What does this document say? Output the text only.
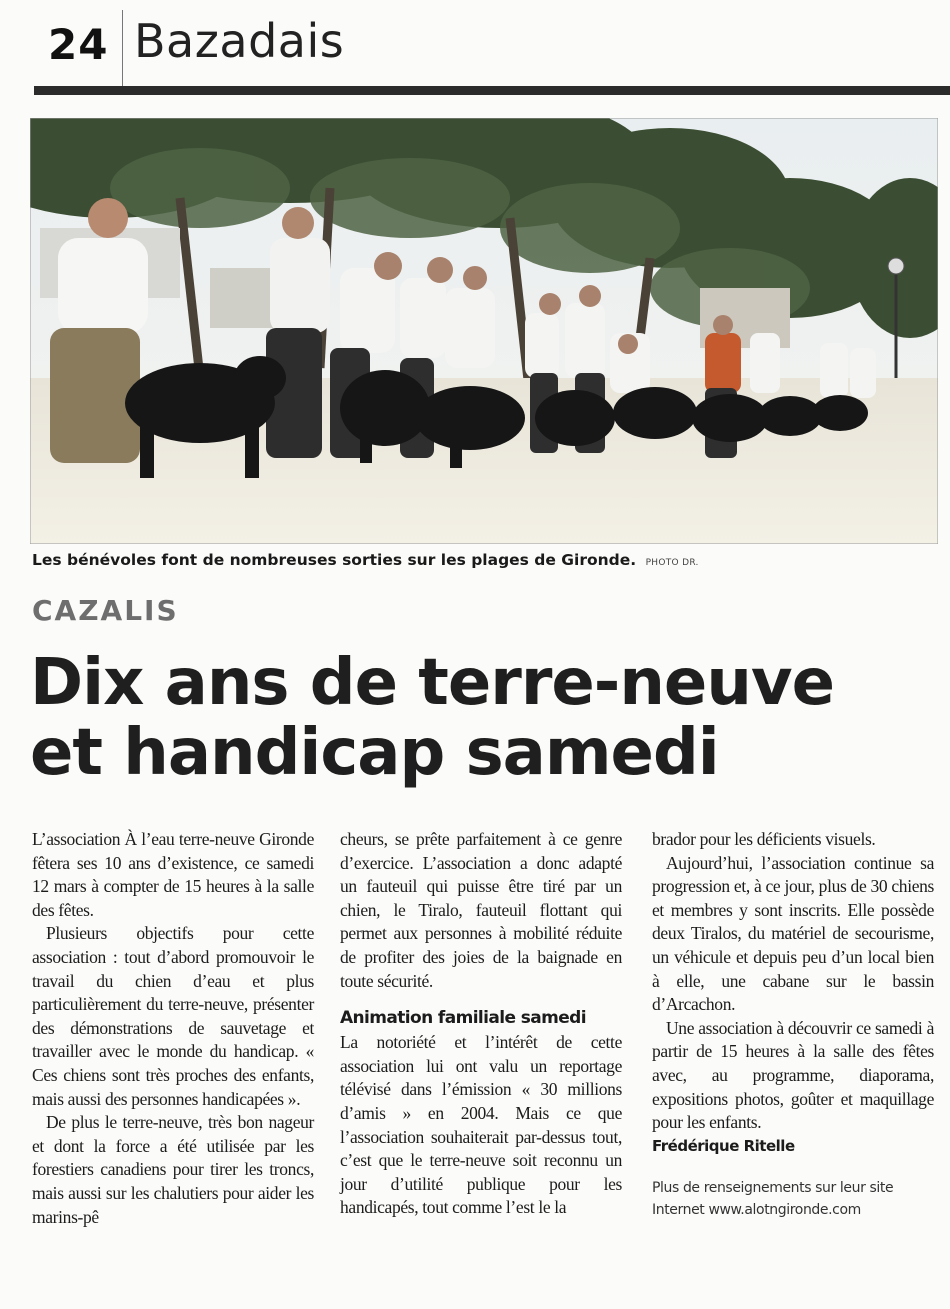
24 Bazadais
Les bénévoles font de nombreuses sorties sur les plages de Gironde. PHOTO DR.
CAZALIS
Dix ans de terre-neuve
et handicap samedi

L’association À l’eau terre-neuve Gironde fêtera ses 10 ans d’existence, ce samedi 12 mars à compter de 15 heures à la salle des fêtes.

Plusieurs objectifs pour cette association : tout d’abord promouvoir le travail du chien d’eau et plus particulièrement du terre-neuve, présenter des démonstrations de sauvetage et travailler avec le monde du handicap. « Ces chiens sont très proches des enfants, mais aussi des personnes handicapées ».

De plus le terre-neuve, très bon nageur et dont la force a été utilisée par les forestiers canadiens pour tirer les troncs, mais aussi sur les chalutiers pour aider les marins-pê

cheurs, se prête parfaitement à ce genre d’exercice. L’association a donc adapté un fauteuil qui puisse être tiré par un chien, le Tiralo, fauteuil flottant qui permet aux personnes à mobilité réduite de profiter des joies de la baignade en toute sécurité.

Animation familiale samedi

La notoriété et l’intérêt de cette association lui ont valu un reportage télévisé dans l’émission « 30 millions d’amis » en 2004. Mais ce que l’association souhaiterait par-dessus tout, c’est que le terre-neuve soit reconnu un jour d’utilité publique pour les handicapés, tout comme l’est le la

brador pour les déficients visuels.

Aujourd’hui, l’association continue sa progression et, à ce jour, plus de 30 chiens et membres y sont inscrits. Elle possède deux Tiralos, du matériel de secourisme, un véhicule et depuis peu d’un local bien à elle, une cabane sur le bassin d’Arcachon.

Une association à découvrir ce samedi à partir de 15 heures à la salle des fêtes avec, au programme, diaporama, expositions photos, goûter et maquillage pour les enfants.

Frédérique Ritelle
Plus de renseignements sur leur site Internet www.alotngironde.com
